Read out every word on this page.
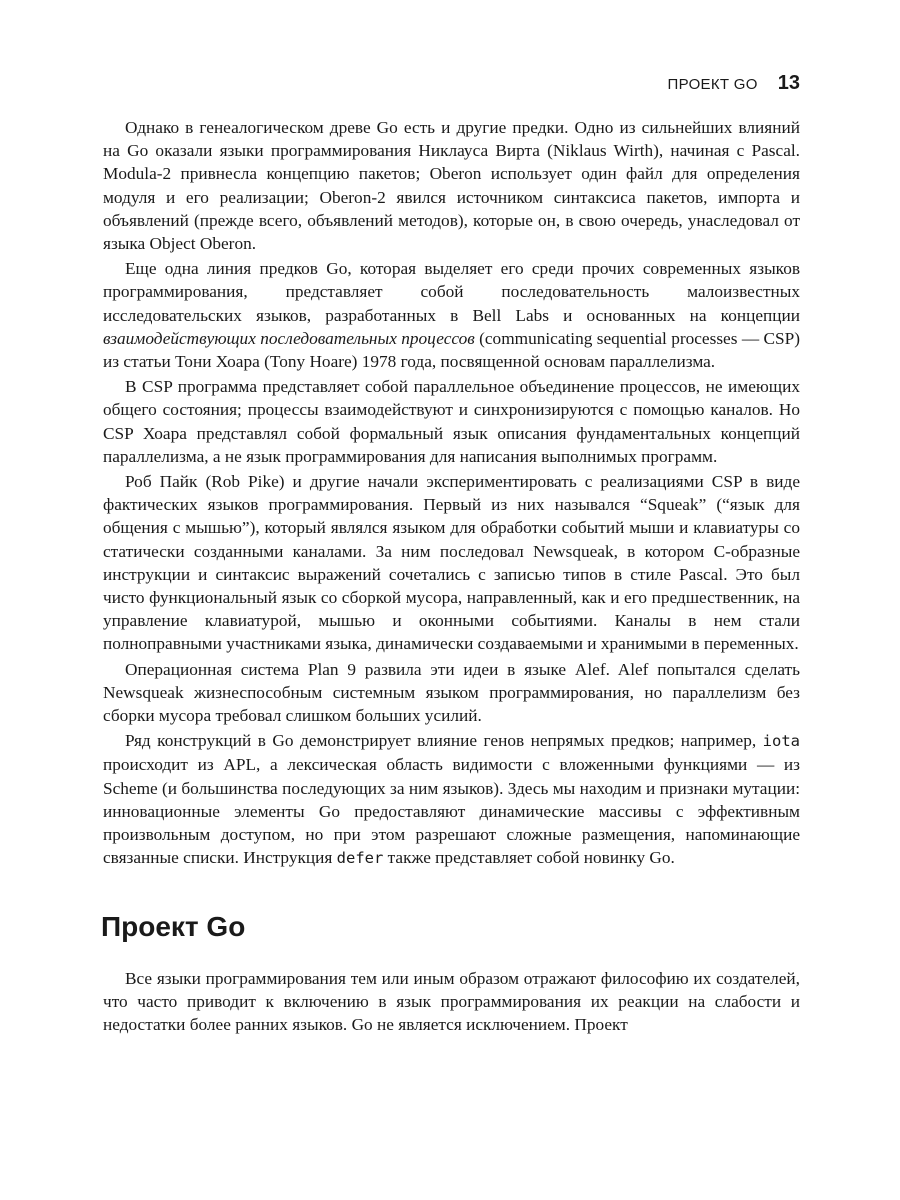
ПРОЕКТ GO 13

Однако в генеалогическом древе Go есть и другие предки. Одно из сильнейших влияний на Go оказали языки программирования Никлауса Вирта (Niklaus Wirth), начиная с Pascal. Modula-2 привнесла концепцию пакетов; Oberon использует один файл для определения модуля и его реализации; Oberon-2 явился источником синтаксиса пакетов, импорта и объявлений (прежде всего, объявлений методов), которые он, в свою очередь, унаследовал от языка Object Oberon.

Еще одна линия предков Go, которая выделяет его среди прочих современных языков программирования, представляет собой последовательность малоизвестных исследовательских языков, разработанных в Bell Labs и основанных на концепции взаимодействующих последовательных процессов (communicating sequential processes — CSP) из статьи Тони Хоара (Tony Hoare) 1978 года, посвященной основам параллелизма.

В CSP программа представляет собой параллельное объединение процессов, не имеющих общего состояния; процессы взаимодействуют и синхронизируются с помощью каналов. Но CSP Хоара представлял собой формальный язык описания фундаментальных концепций параллелизма, а не язык программирования для написания выполнимых программ.

Роб Пайк (Rob Pike) и другие начали экспериментировать с реализациями CSP в виде фактических языков программирования. Первый из них назывался “Squeak” (“язык для общения с мышью”), который являлся языком для обработки событий мыши и клавиатуры со статически созданными каналами. За ним последовал Newsqueak, в котором C-образные инструкции и синтаксис выражений сочетались с записью типов в стиле Pascal. Это был чисто функциональный язык со сборкой мусора, направленный, как и его предшественник, на управление клавиатурой, мышью и оконными событиями. Каналы в нем стали полноправными участниками языка, динамически создаваемыми и хранимыми в переменных.

Операционная система Plan 9 развила эти идеи в языке Alef. Alef попытался сделать Newsqueak жизнеспособным системным языком программирования, но параллелизм без сборки мусора требовал слишком больших усилий.

Ряд конструкций в Go демонстрирует влияние генов непрямых предков; например, iota происходит из APL, а лексическая область видимости с вложенными функциями — из Scheme (и большинства последующих за ним языков). Здесь мы находим и признаки мутации: инновационные элементы Go предоставляют динамические массивы с эффективным произвольным доступом, но при этом разрешают сложные размещения, напоминающие связанные списки. Инструкция defer также представляет собой новинку Go.

Проект Go

Все языки программирования тем или иным образом отражают философию их создателей, что часто приводит к включению в язык программирования их реакции на слабости и недостатки более ранних языков. Go не является исключением. Проект
